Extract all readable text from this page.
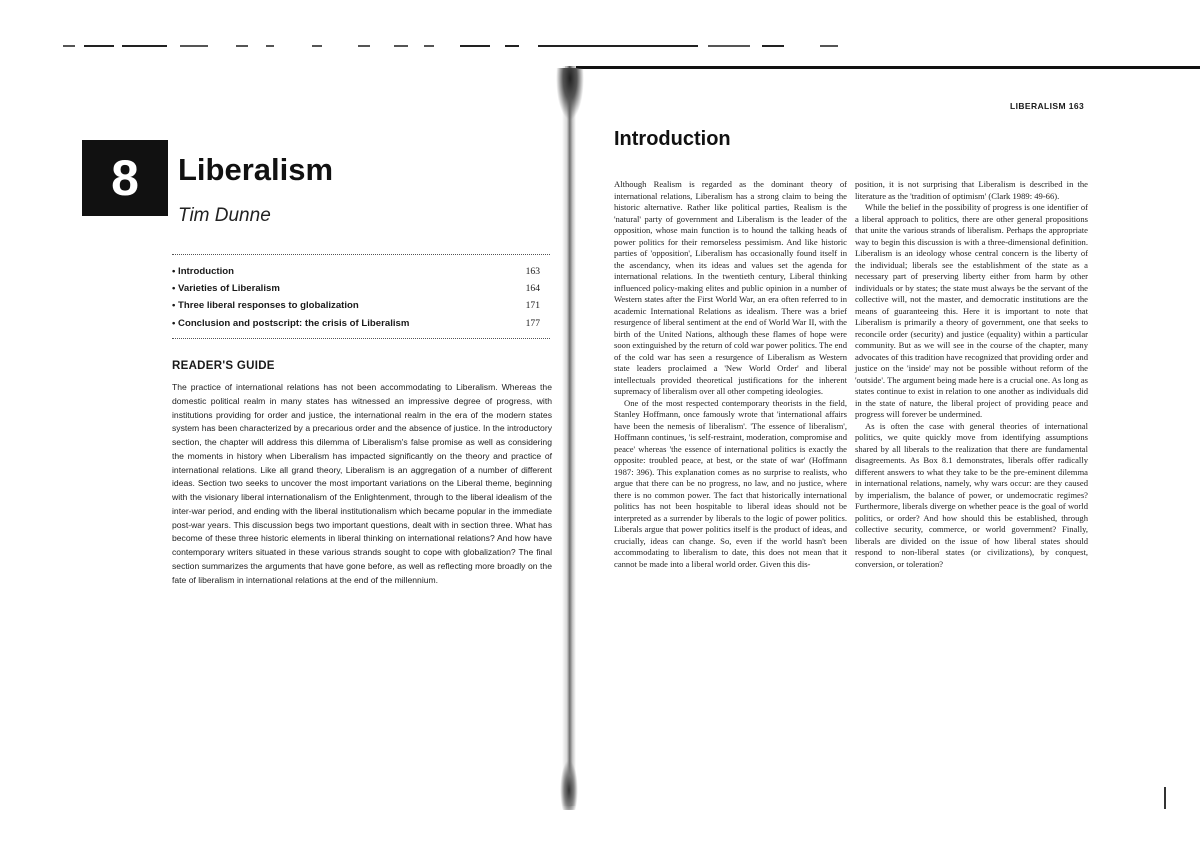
8	Liberalism
Tim Dunne
• Introduction	163
• Varieties of Liberalism	164
• Three liberal responses to globalization	171
• Conclusion and postscript: the crisis of Liberalism	177
READER'S GUIDE

The practice of international relations has not been accommodating to Liberalism. Whereas the domestic political realm in many states has witnessed an impressive degree of progress, with institutions providing for order and justice, the international realm in the era of the modern states system has been characterized by a precarious order and the absence of justice. In the introductory section, the chapter will address this dilemma of Liberalism's false promise as well as considering the moments in history when Liberalism has impacted significantly on the theory and practice of international relations. Like all grand theory, Liberalism is an aggregation of a number of different ideas. Section two seeks to uncover the most important variations on the Liberal theme, beginning with the visionary liberal internationalism of the Enlightenment, through to the liberal idealism of the inter-war period, and ending with the liberal institutionalism which became popular in the immediate post-war years. This discussion begs two important questions, dealt with in section three. What has become of these three historic elements in liberal thinking on international relations? And how have contemporary writers situated in these various strands sought to cope with globalization? The final section summarizes the arguments that have gone before, as well as reflecting more broadly on the fate of liberalism in international relations at the end of the millennium.

LIBERALISM 163
Introduction

Although Realism is regarded as the dominant theory of international relations, Liberalism has a strong claim to being the historic alternative. Rather like political parties, Realism is the 'natural' party of government and Liberalism is the leader of the opposition, whose main function is to hound the talking heads of power politics for their remorseless pessimism. And like historic parties of 'opposition', Liberalism has occasionally found itself in the ascendancy, when its ideas and values set the agenda for international relations. In the twentieth century, Liberal thinking influenced policy-making elites and public opinion in a number of Western states after the First World War, an era often referred to in academic International Relations as idealism. There was a brief resurgence of liberal sentiment at the end of World War II, with the birth of the United Nations, although these flames of hope were soon extinguished by the return of cold war power politics. The end of the cold war has seen a resurgence of Liberalism as Western state leaders proclaimed a 'New World Order' and liberal intellectuals provided theoretical justifications for the inherent supremacy of liberalism over all other competing ideologies.

One of the most respected contemporary theorists in the field, Stanley Hoffmann, once famously wrote that 'international affairs have been the nemesis of liberalism'. 'The essence of liberalism', Hoffmann continues, 'is self-restraint, moderation, compromise and peace' whereas 'the essence of international politics is exactly the opposite: troubled peace, at best, or the state of war' (Hoffmann 1987: 396). This explanation comes as no surprise to realists, who argue that there can be no progress, no law, and no justice, where there is no common power. The fact that historically international politics has not been hospitable to liberal ideas should not be interpreted as a surrender by liberals to the logic of power politics. Liberals argue that power politics itself is the product of ideas, and crucially, ideas can change. So, even if the world hasn't been accommodating to liberalism to date, this does not mean that it cannot be made into a liberal world order. Given this dis-

position, it is not surprising that Liberalism is described in the literature as the 'tradition of optimism' (Clark 1989: 49-66).

While the belief in the possibility of progress is one identifier of a liberal approach to politics, there are other general propositions that unite the various strands of liberalism. Perhaps the appropriate way to begin this discussion is with a three-dimensional definition. Liberalism is an ideology whose central concern is the liberty of the individual; liberals see the establishment of the state as a necessary part of preserving liberty either from harm by other individuals or by states; the state must always be the servant of the collective will, not the master, and democratic institutions are the means of guaranteeing this. Here it is important to note that Liberalism is primarily a theory of government, one that seeks to reconcile order (security) and justice (equality) within a particular community. But as we will see in the course of the chapter, many advocates of this tradition have recognized that providing order and justice on the 'inside' may not be possible without reform of the 'outside'. The argument being made here is a crucial one. As long as states continue to exist in relation to one another as individuals did in the state of nature, the liberal project of providing peace and progress will forever be undermined.

As is often the case with general theories of international politics, we quite quickly move from identifying assumptions shared by all liberals to the realization that there are fundamental disagreements. As Box 8.1 demonstrates, liberals offer radically different answers to what they take to be the pre-eminent dilemma in international relations, namely, why wars occur: are they caused by imperialism, the balance of power, or undemocratic regimes? Furthermore, liberals diverge on whether peace is the goal of world politics, or order? And how should this be established, through collective security, commerce, or world government? Finally, liberals are divided on the issue of how liberal states should respond to non-liberal states (or civilizations), by conquest, conversion, or toleration?
